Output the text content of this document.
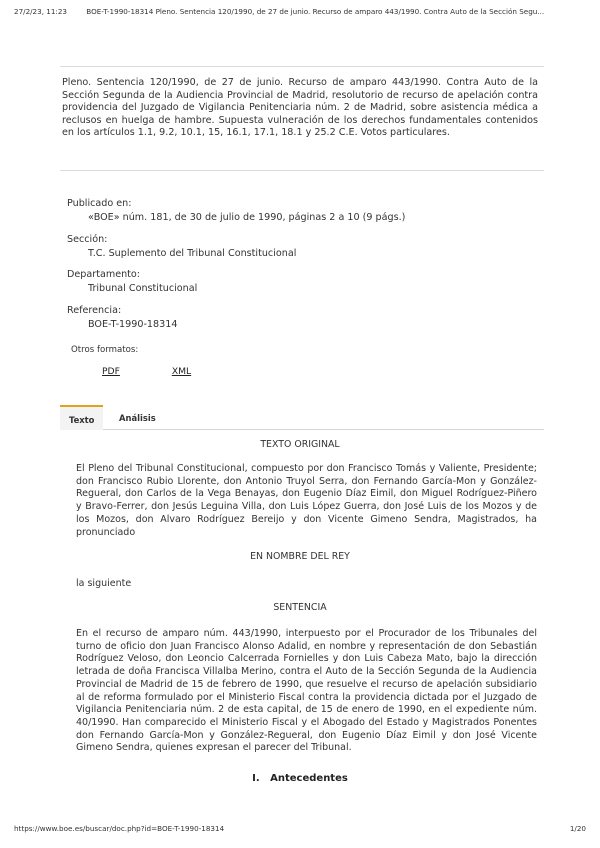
27/2/23, 11:23	BOE-T-1990-18314 Pleno. Sentencia 120/1990, de 27 de junio. Recurso de amparo 443/1990. Contra Auto de la Sección Segu...
Pleno. Sentencia 120/1990, de 27 de junio. Recurso de amparo 443/1990. Contra Auto de la Sección Segunda de la Audiencia Provincial de Madrid, resolutorio de recurso de apelación contra providencia del Juzgado de Vigilancia Penitenciaria núm. 2 de Madrid, sobre asistencia médica a reclusos en huelga de hambre. Supuesta vulneración de los derechos fundamentales contenidos en los artículos 1.1, 9.2, 10.1, 15, 16.1, 17.1, 18.1 y 25.2 C.E. Votos particulares.
Publicado en:
«BOE» núm. 181, de 30 de julio de 1990, páginas 2 a 10 (9 págs.)
Sección:
T.C. Suplemento del Tribunal Constitucional
Departamento:
Tribunal Constitucional
Referencia:
BOE-T-1990-18314
Otros formatos:
PDF	XML
Texto	Análisis
TEXTO ORIGINAL
El Pleno del Tribunal Constitucional, compuesto por don Francisco Tomás y Valiente, Presidente; don Francisco Rubio Llorente, don Antonio Truyol Serra, don Fernando García-Mon y González-Regueral, don Carlos de la Vega Benayas, don Eugenio Díaz Eimil, don Miguel Rodríguez-Piñero y Bravo-Ferrer, don Jesús Leguina Villa, don Luis López Guerra, don José Luis de los Mozos y de los Mozos, don Alvaro Rodríguez Bereijo y don Vicente Gimeno Sendra, Magistrados, ha pronunciado
EN NOMBRE DEL REY
la siguiente
SENTENCIA
En el recurso de amparo núm. 443/1990, interpuesto por el Procurador de los Tribunales del turno de oficio don Juan Francisco Alonso Adalid, en nombre y representación de don Sebastián Rodríguez Veloso, don Leoncio Calcerrada Fornielles y don Luis Cabeza Mato, bajo la dirección letrada de doña Francisca Villalba Merino, contra el Auto de la Sección Segunda de la Audiencia Provincial de Madrid de 15 de febrero de 1990, que resuelve el recurso de apelación subsidiario al de reforma formulado por el Ministerio Fiscal contra la providencia dictada por el Juzgado de Vigilancia Penitenciaria núm. 2 de esta capital, de 15 de enero de 1990, en el expediente núm. 40/1990. Han comparecido el Ministerio Fiscal y el Abogado del Estado y Magistrados Ponentes don Fernando García-Mon y González-Regueral, don Eugenio Díaz Eimil y don José Vicente Gimeno Sendra, quienes expresan el parecer del Tribunal.
I.   Antecedentes
https://www.boe.es/buscar/doc.php?id=BOE-T-1990-18314	1/20
